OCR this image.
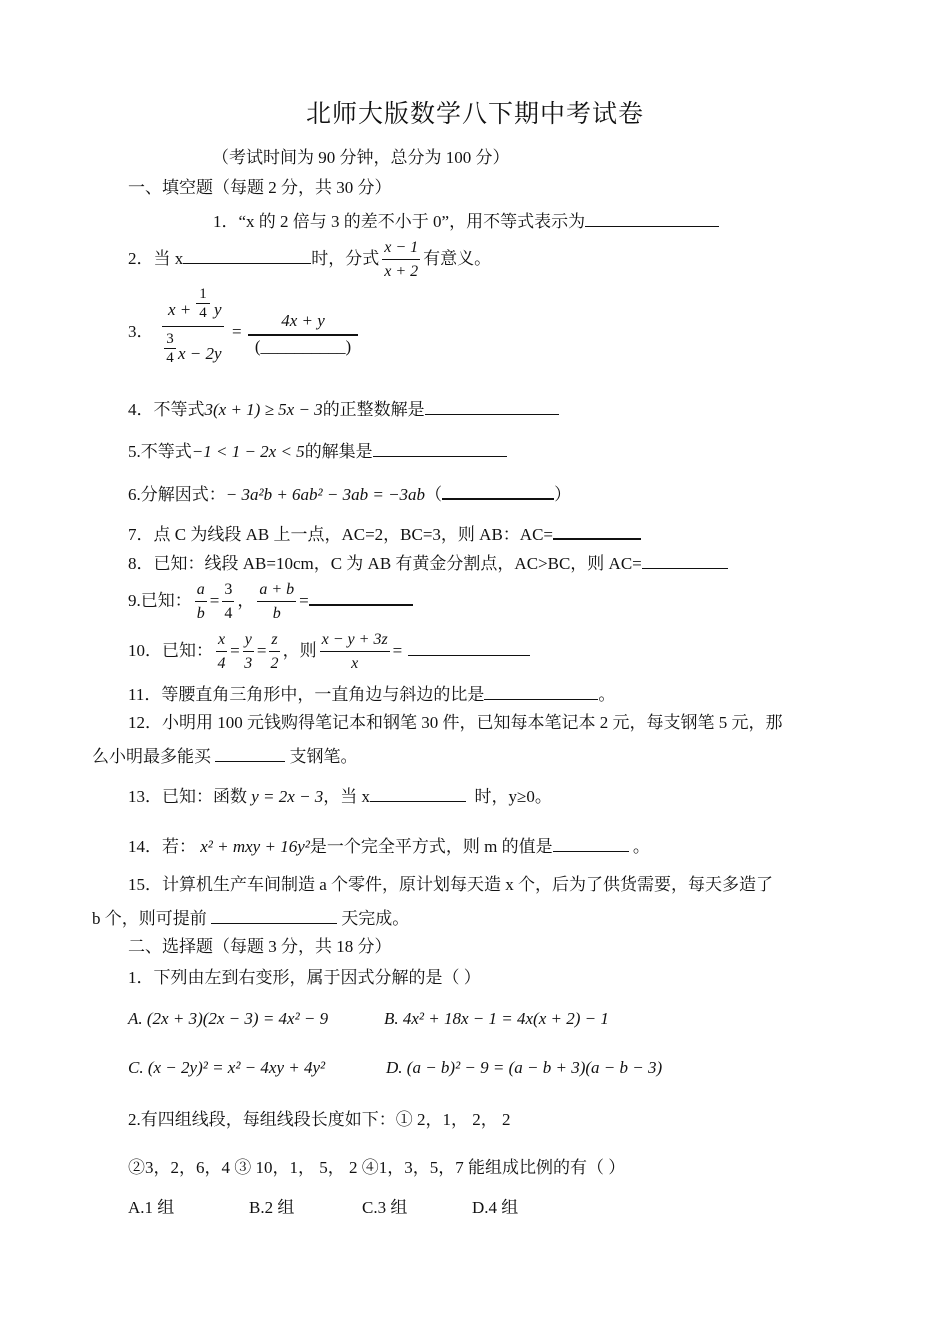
北师大版数学八下期中考试卷
（考试时间为 90 分钟，总分为 100 分）
一、填空题（每题 2 分，共 30 分）
1．“x 的 2 倍与 3 的差不小于 0”，用不等式表示为
2．当 x	时，分式 $\frac{x - 1}{x + 2}$ 有意义。
3．
$x + \frac{1}{4}$ y
$\frac{3}{4}$ x − 2y
=
4x + y
(__________)
4．不等式3(x + 1) ≥ 5x − 3的正整数解是
5.不等式−1 < 1 − 2x < 5的解集是
6.分解因式：− 3a²b + 6ab² − 3ab = −3ab（	）
7．点 C 为线段 AB 上一点，AC=2，BC=3，则 AB：AC=
8．已知：线段 AB=10cm，C 为 AB 有黄金分割点，AC>BC，则 AC=
9.已知： $\frac{a}{b} = \frac{3}{4}$ ， $\frac{a + b}{b}$ =
10．已知： $\frac{x}{4} = \frac{y}{3} = \frac{z}{2}$ ，则 $\frac{x - y + 3z}{x}$ =
11．等腰直角三角形中，一直角边与斜边的比是	。
12．小明用 100 元钱购得笔记本和钢笔 30 件，已知每本笔记本 2 元，每支钢笔 5 元，那
么小明最多能买	支钢笔。
13．已知：函数 y = 2x − 3，当 x	时，y≥0。
14．若： x² + mxy + 16y²是一个完全平方式，则 m 的值是	。
15．计算机生产车间制造 a 个零件，原计划每天造 x 个，后为了供货需要，每天多造了
b 个，则可提前	天完成。
二、选择题（每题 3 分，共 18 分）
1．下列由左到右变形，属于因式分解的是（ ）
A. (2x + 3)(2x − 3) = 4x² − 9	B. 4x² + 18x − 1 = 4x(x + 2) − 1
C. (x − 2y)² = x² − 4xy + 4y²	D. (a − b)² − 9 = (a − b + 3)(a − b − 3)
2.有四组线段，每组线段长度如下：① 2，1， 2， 2
②3，2，6，4 ③ 10，1， 5， 2 ④1，3，5，7 能组成比例的有（ ）
A.1 组	B.2 组	C.3 组	D.4 组
